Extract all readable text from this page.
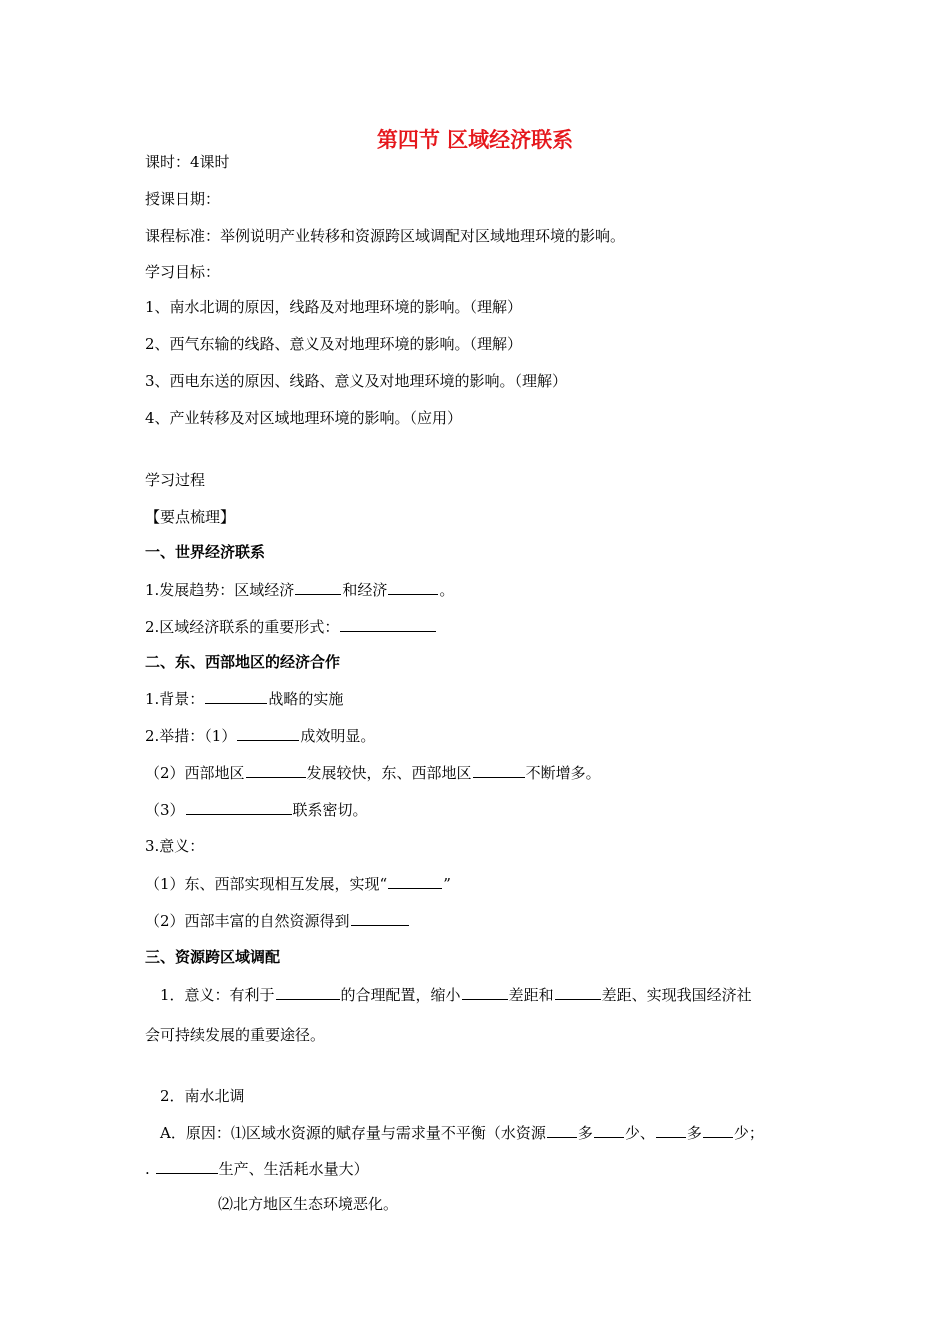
第四节 区域经济联系
课时：4课时
授课日期：
课程标准：举例说明产业转移和资源跨区域调配对区域地理环境的影响。
学习目标：
1、南水北调的原因，线路及对地理环境的影响。（理解）
2、西气东输的线路、意义及对地理环境的影响。（理解）
3、西电东送的原因、线路、意义及对地理环境的影响。（理解）
4、产业转移及对区域地理环境的影响。（应用）
学习过程
【要点梳理】
一、世界经济联系
1.发展趋势：区域经济	和经济	。
2.区域经济联系的重要形式：
二、东、西部地区的经济合作
1.背景：	战略的实施
2.举措：（1）	成效明显。
（2）西部地区	发展较快，东、西部地区	不断增多。
（3）	联系密切。
3.意义：
（1）东、西部实现相互发展，实现“	”
（2）西部丰富的自然资源得到
三、资源跨区域调配
1．意义：有利于	的合理配置，缩小	差距和	差距、实现我国经济社
会可持续发展的重要途径。
2．南水北调
A．原因：⑴区域水资源的赋存量与需求量不平衡（水资源 多 少、 多 少；
.	生产、生活耗水量大）
⑵北方地区生态环境恶化。
